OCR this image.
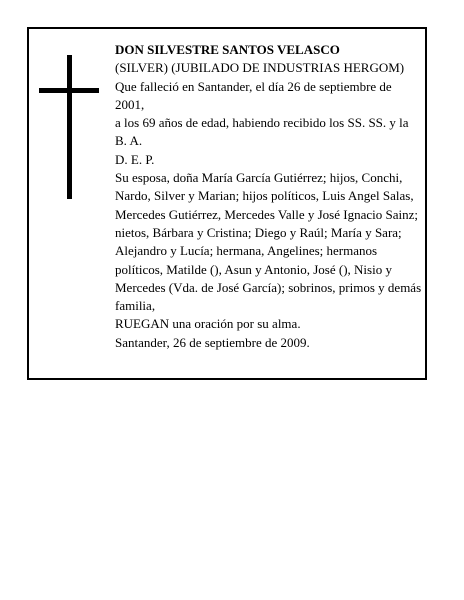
DON SILVESTRE SANTOS VELASCO

(SILVER) (JUBILADO DE INDUSTRIAS HERGOM)

Que falleció en Santander, el día 26 de septiembre de 2001,

a los 69 años de edad, habiendo recibido los SS. SS. y la B. A.

D. E. P.

Su esposa, doña María García Gutiérrez; hijos, Conchi, Nardo, Silver y Marian; hijos políticos, Luis Angel Salas, Mercedes Gutiérrez, Mercedes Valle y José Ignacio Sainz; nietos, Bárbara y Cristina; Diego y Raúl; María y Sara; Alejandro y Lucía; hermana, Angelines; hermanos políticos, Matilde (), Asun y Antonio, José (), Nisio y Mercedes (Vda. de José García); sobrinos, primos y demás familia,

RUEGAN una oración por su alma.

Santander, 26 de septiembre de 2009.
